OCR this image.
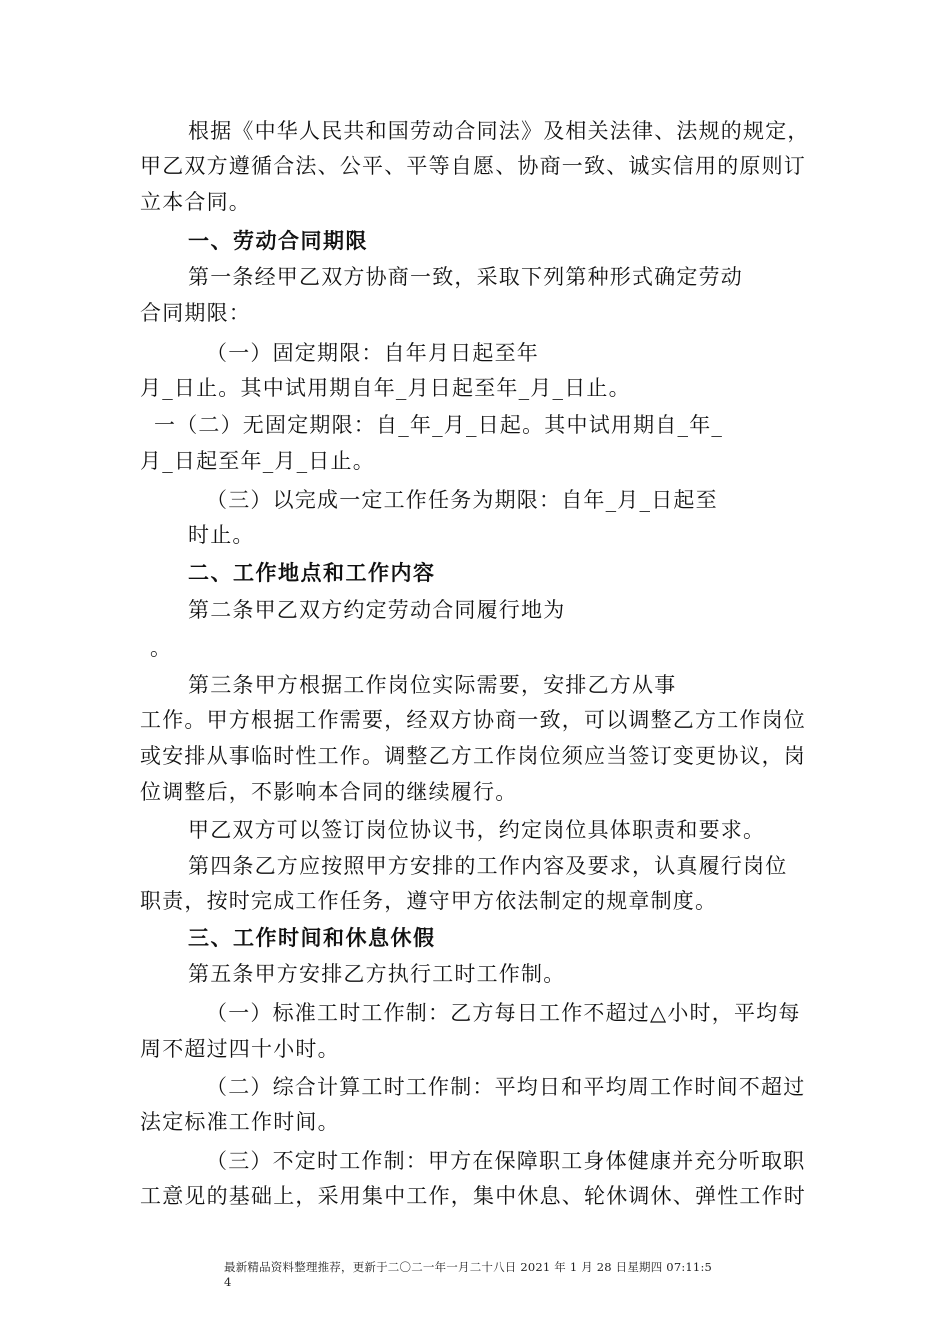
根据《中华人民共和国劳动合同法》及相关法律、法规的规定，
甲乙双方遵循合法、公平、平等自愿、协商一致、诚实信用的原则订
立本合同。
一、劳动合同期限
第一条经甲乙双方协商一致，采取下列第种形式确定劳动
合同期限：
（一）固定期限：自年月日起至年
月_日止。其中试用期自年_月日起至年_月_日止。
一（二）无固定期限：自_年_月_日起。其中试用期自_年_
月_日起至年_月_日止。
（三）以完成一定工作任务为期限：自年_月_日起至
时止。
二、工作地点和工作内容
第二条甲乙双方约定劳动合同履行地为
。
第三条甲方根据工作岗位实际需要，安排乙方从事
工作。甲方根据工作需要，经双方协商一致，可以调整乙方工作岗位
或安排从事临时性工作。调整乙方工作岗位须应当签订变更协议，岗
位调整后，不影响本合同的继续履行。
甲乙双方可以签订岗位协议书，约定岗位具体职责和要求。
第四条乙方应按照甲方安排的工作内容及要求，认真履行岗位
职责，按时完成工作任务，遵守甲方依法制定的规章制度。
三、工作时间和休息休假
第五条甲方安排乙方执行工时工作制。
（一）标准工时工作制：乙方每日工作不超过△小时，平均每
周不超过四十小时。
（二）综合计算工时工作制：平均日和平均周工作时间不超过
法定标准工作时间。
（三）不定时工作制：甲方在保障职工身体健康并充分听取职
工意见的基础上，采用集中工作，集中休息、轮休调休、弹性工作时
最新精品资料整理推荐，更新于二〇二一年一月二十八日 2021 年 1 月 28 日星期四 07:11:5
4
